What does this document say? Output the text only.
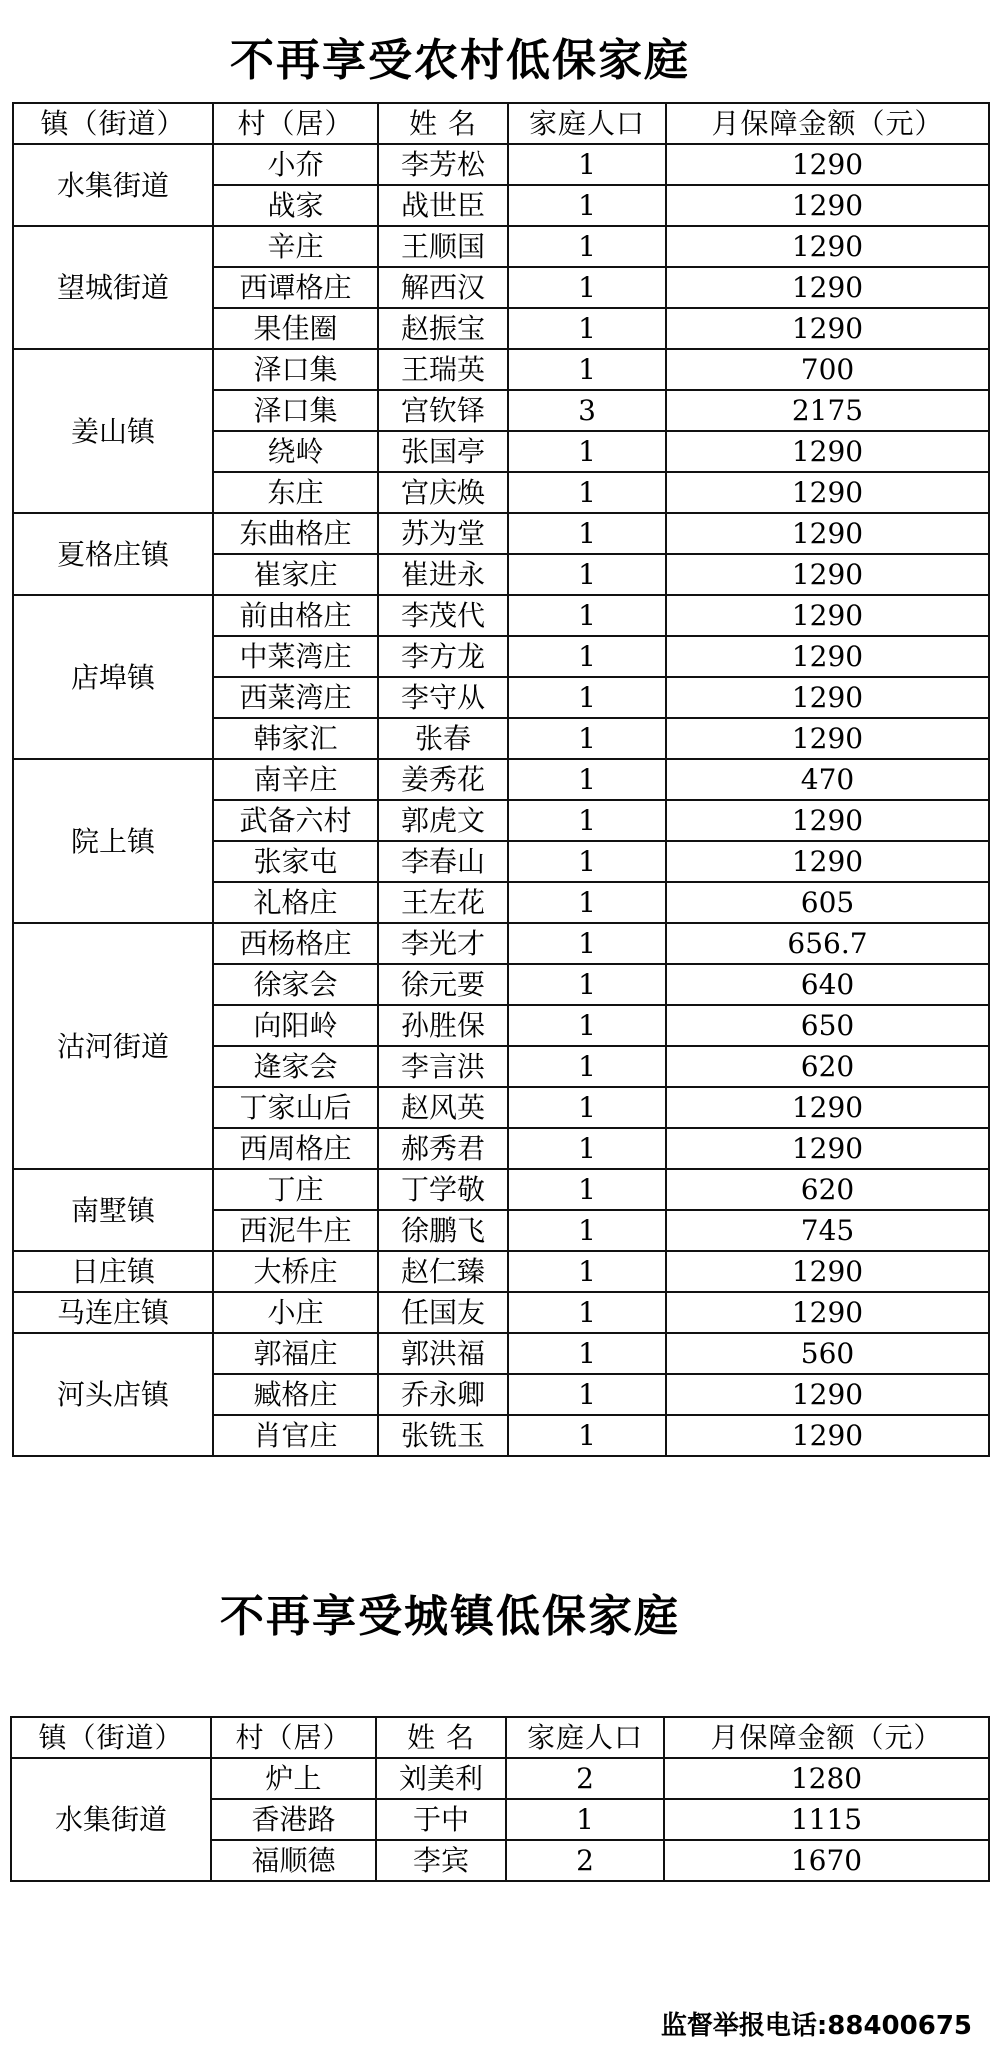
不再享受农村低保家庭
镇（街道）	村（居）	姓 名	家庭人口	月保障金额（元）
水集街道	小夼	李芳松	1	1290
	战家	战世臣	1	1290
望城街道	辛庄	王顺国	1	1290
	西谭格庄	解西汉	1	1290
	果佳圈	赵振宝	1	1290
姜山镇	泽口集	王瑞英	1	700
	泽口集	宫钦铎	3	2175
	绕岭	张国亭	1	1290
	东庄	宫庆焕	1	1290
夏格庄镇	东曲格庄	苏为堂	1	1290
	崔家庄	崔进永	1	1290
店埠镇	前由格庄	李茂代	1	1290
	中菜湾庄	李方龙	1	1290
	西菜湾庄	李守从	1	1290
	韩家汇	张春	1	1290
院上镇	南辛庄	姜秀花	1	470
	武备六村	郭虎文	1	1290
	张家屯	李春山	1	1290
	礼格庄	王左花	1	605
沽河街道	西杨格庄	李光才	1	656.7
	徐家会	徐元要	1	640
	向阳岭	孙胜保	1	650
	逄家会	李言洪	1	620
	丁家山后	赵风英	1	1290
	西周格庄	郝秀君	1	1290
南墅镇	丁庄	丁学敬	1	620
	西泥牛庄	徐鹏飞	1	745
日庄镇	大桥庄	赵仁臻	1	1290
马连庄镇	小庄	任国友	1	1290
河头店镇	郭福庄	郭洪福	1	560
	臧格庄	乔永卿	1	1290
	肖官庄	张铣玉	1	1290
不再享受城镇低保家庭
镇（街道）	村（居）	姓 名	家庭人口	月保障金额（元）
水集街道	炉上	刘美利	2	1280
	香港路	于中	1	1115
	福顺德	李宾	2	1670
监督举报电话:88400675
